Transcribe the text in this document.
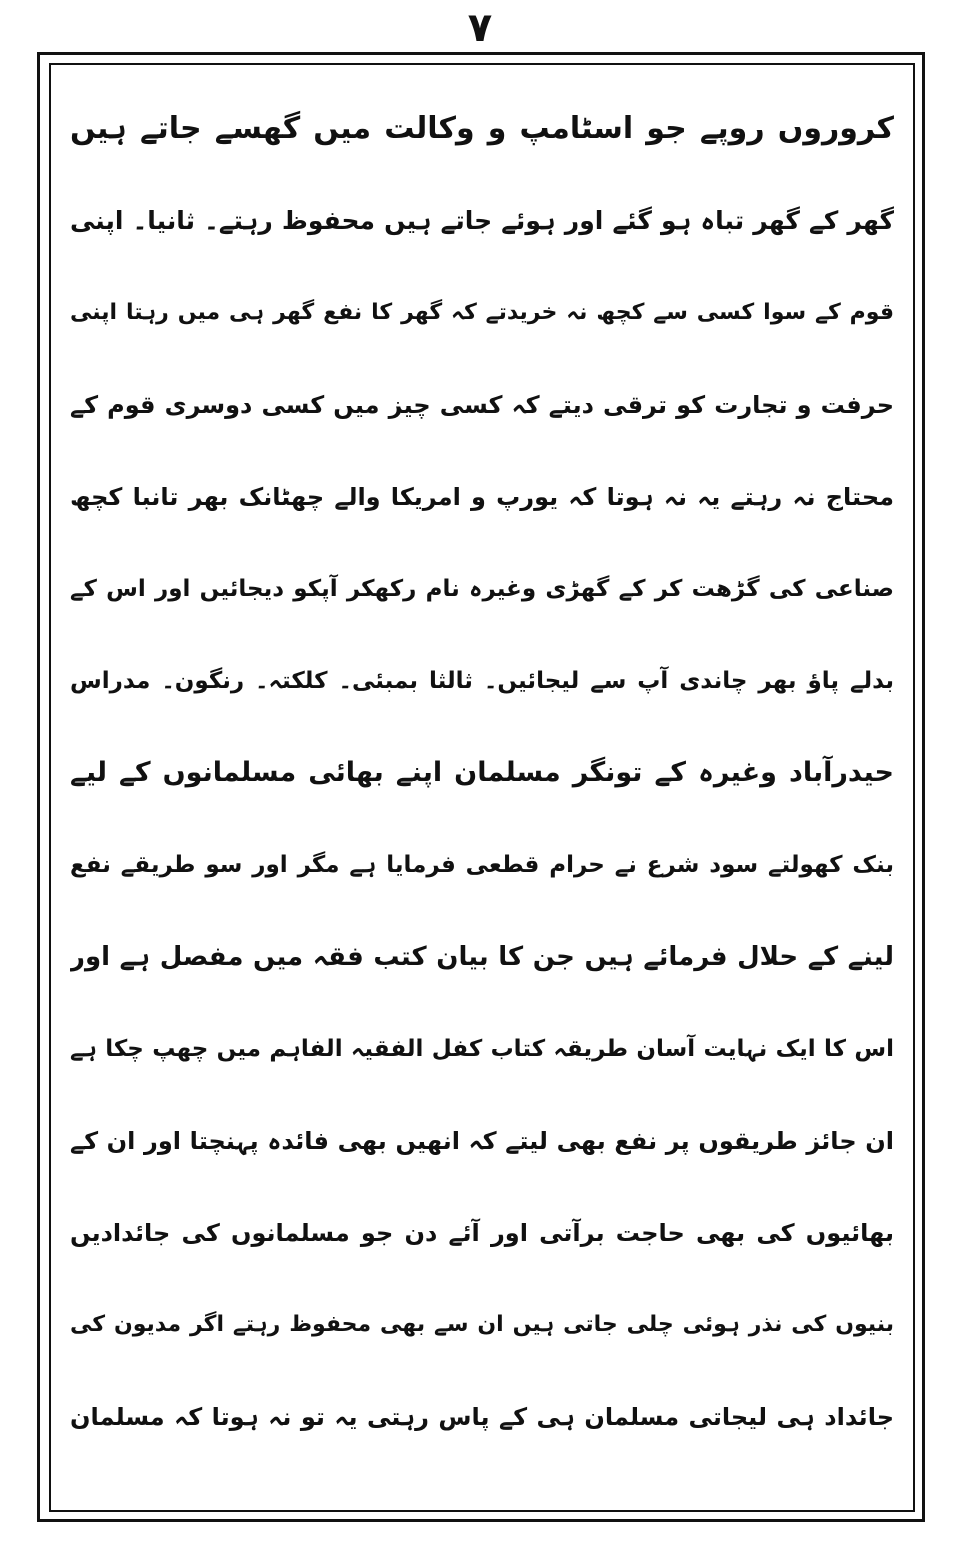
۷
کروروں روپے جو اسٹامپ و وکالت میں گھسے جاتے ہیں
گھر کے گھر تباہ ہو گئے اور ہوئے جاتے ہیں محفوظ رہتے۔ ثانیا۔ اپنی
قوم کے سوا کسی سے کچھ نہ خریدتے کہ گھر کا نفع گھر ہی میں رہتا اپنی
حرفت و تجارت کو ترقی دیتے کہ کسی چیز میں کسی دوسری قوم کے
محتاج نہ رہتے یہ نہ ہوتا کہ یورپ و امریکا والے چھٹانک بھر تانبا کچھ
صناعی کی گڑھت کر کے گھڑی وغیرہ نام رکھکر آپکو دیجائیں اور اس کے
بدلے پاؤ بھر چاندی آپ سے لیجائیں۔ ثالثا بمبئی۔ کلکتہ۔ رنگون۔ مدراس
حیدرآباد وغیرہ کے تونگر مسلمان اپنے بھائی مسلمانوں کے لیے
بنک کھولتے سود شرع نے حرام قطعی فرمایا ہے مگر اور سو طریقے نفع
لینے کے حلال فرمائے ہیں جن کا بیان کتب فقہ میں مفصل ہے اور
اس کا ایک نہایت آسان طریقہ کتاب کفل الفقیہ الفاہم میں چھپ چکا ہے
ان جائز طریقوں پر نفع بھی لیتے کہ انھیں بھی فائدہ پہنچتا اور ان کے
بھائیوں کی بھی حاجت برآتی اور آئے دن جو مسلمانوں کی جائدادیں
بنیوں کی نذر ہوئی چلی جاتی ہیں ان سے بھی محفوظ رہتے اگر مدیون کی
جائداد ہی لیجاتی مسلمان ہی کے پاس رہتی یہ تو نہ ہوتا کہ مسلمان
